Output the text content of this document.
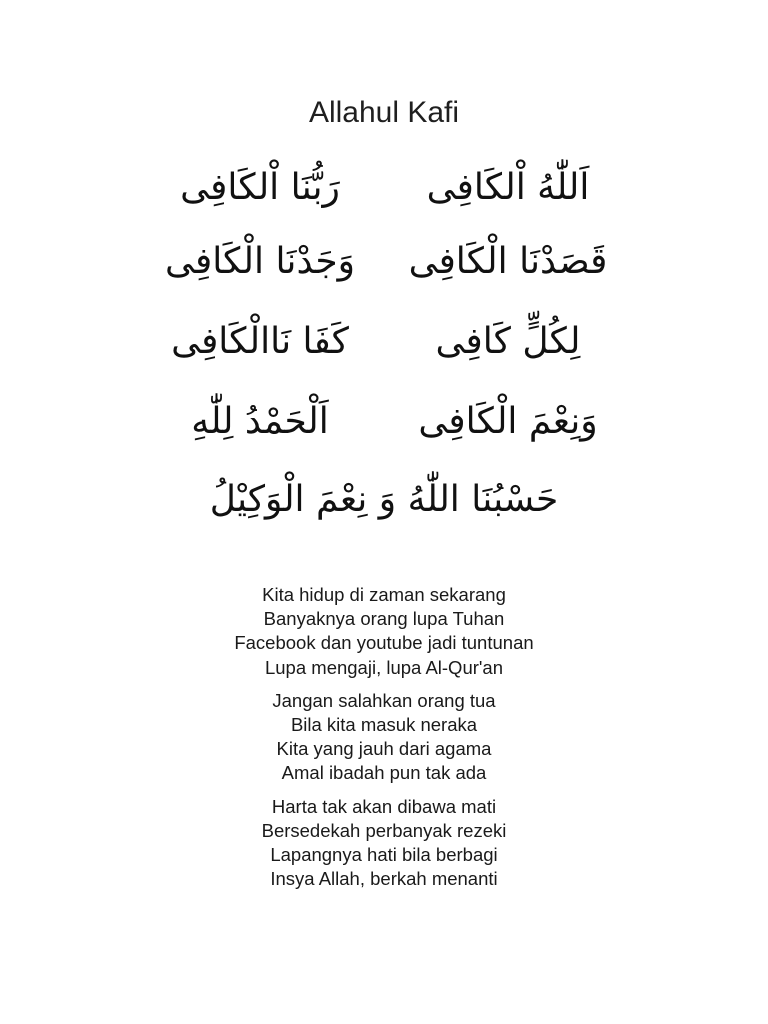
Allahul Kafi
اَللّٰهُ اْلكَافِى
رَبُّنَا اْلكَافِى
قَصَدْنَا الْكَافِى
وَجَدْنَا الْكَافِى
لِكُلٍّ كَافِى
كَفَا نَاالْكَافِى
وَنِعْمَ الْكَافِى
اَلْحَمْدُ لِلّٰهِ
حَسْبُنَا اللّٰهُ وَ نِعْمَ الْوَكِيْلُ
Kita hidup di zaman sekarang
Banyaknya orang lupa Tuhan
Facebook dan youtube jadi tuntunan
Lupa mengaji, lupa Al-Qur'an
Jangan salahkan orang tua
Bila kita masuk neraka
Kita yang jauh dari agama
Amal ibadah pun tak ada
Harta tak akan dibawa mati
Bersedekah perbanyak rezeki
Lapangnya hati bila berbagi
Insya Allah, berkah menanti
